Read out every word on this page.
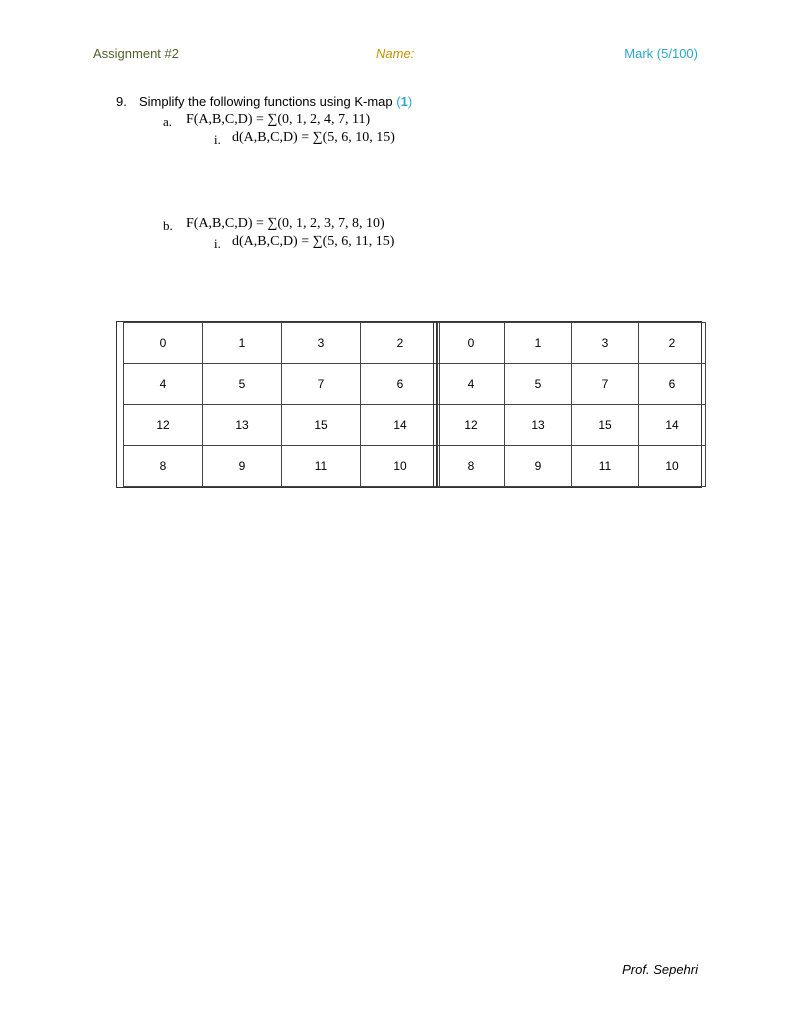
Assignment #2	Name:	Mark (5/100)
9. Simplify the following functions using K-map (1)
a. F(A,B,C,D) = ∑(0, 1, 2, 4, 7, 11)
i. d(A,B,C,D) = ∑(5, 6, 10, 15)
b. F(A,B,C,D) = ∑(0, 1, 2, 3, 7, 8, 10)
i. d(A,B,C,D) = ∑(5, 6, 11, 15)
0	1	3	2
4	5	7	6
12	13	15	14
8	9	11	10
0	1	3	2
4	5	7	6
12	13	15	14
8	9	11	10
Prof. Sepehri
